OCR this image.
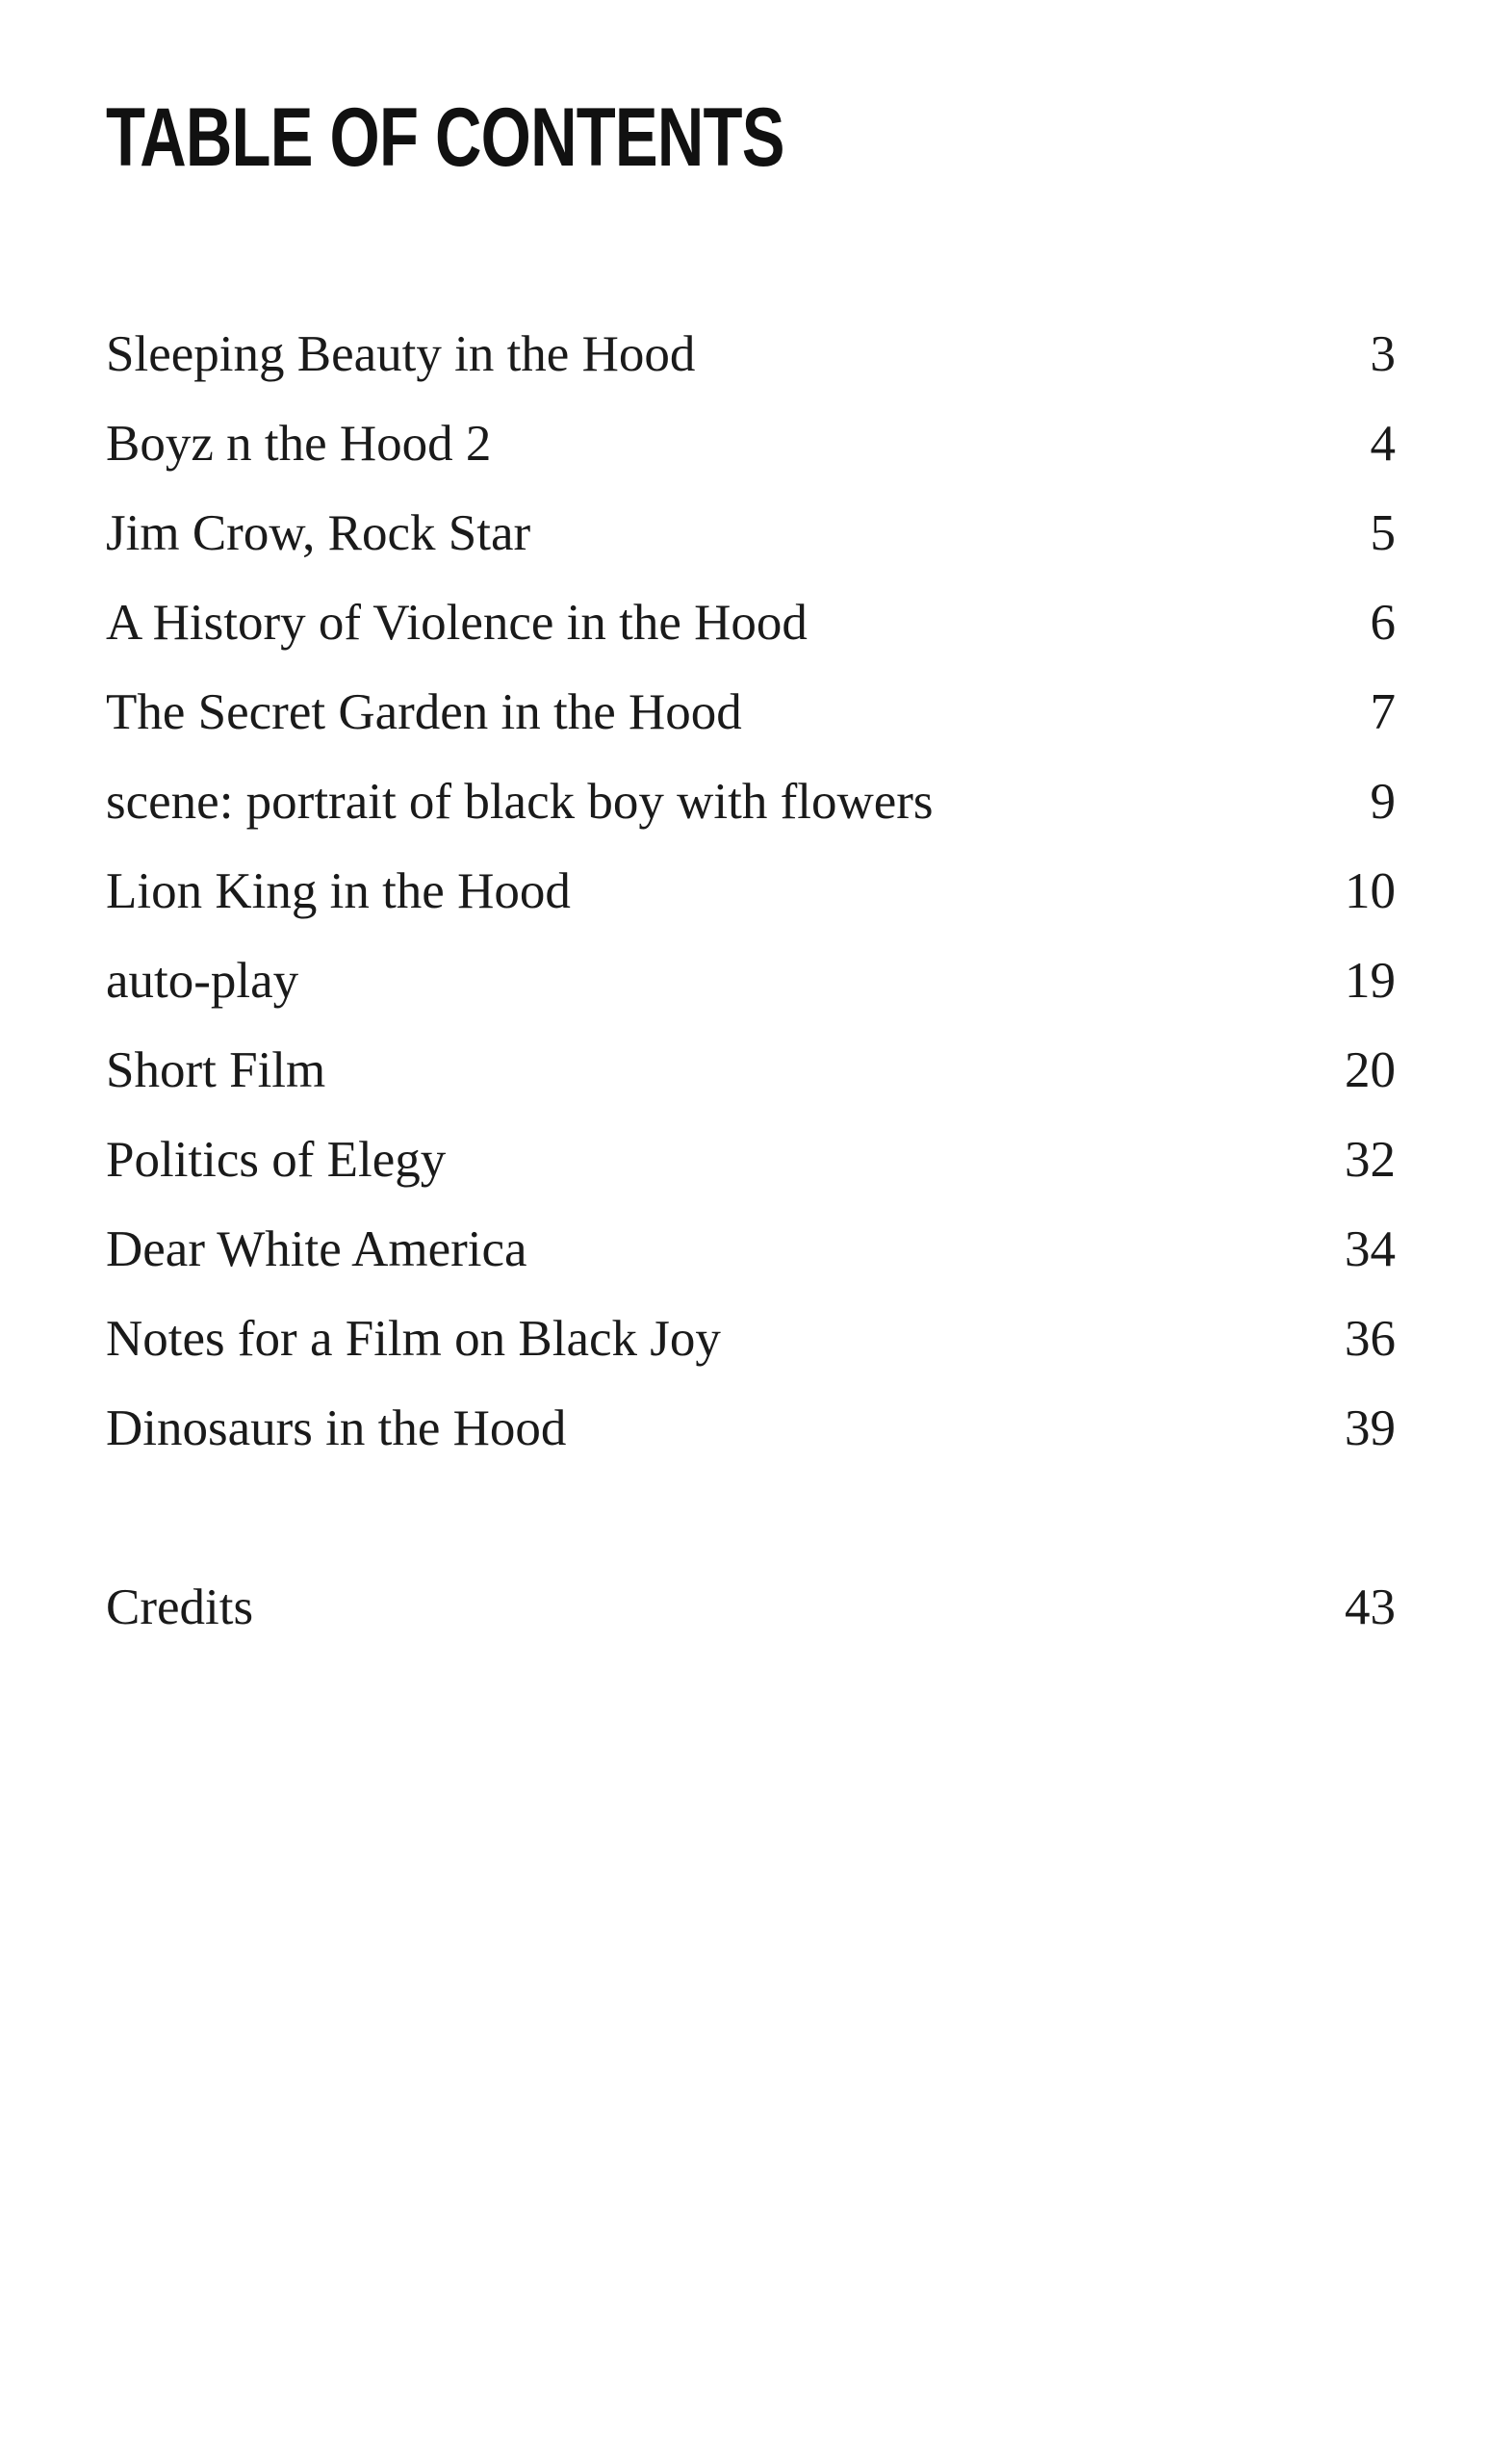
TABLE OF CONTENTS
Sleeping Beauty in the Hood	3
Boyz n the Hood 2	4
Jim Crow, Rock Star	5
A History of Violence in the Hood	6
The Secret Garden in the Hood	7
scene: portrait of black boy with flowers	9
Lion King in the Hood	10
auto-play	19
Short Film	20
Politics of Elegy	32
Dear White America	34
Notes for a Film on Black Joy	36
Dinosaurs in the Hood	39
Credits	43
